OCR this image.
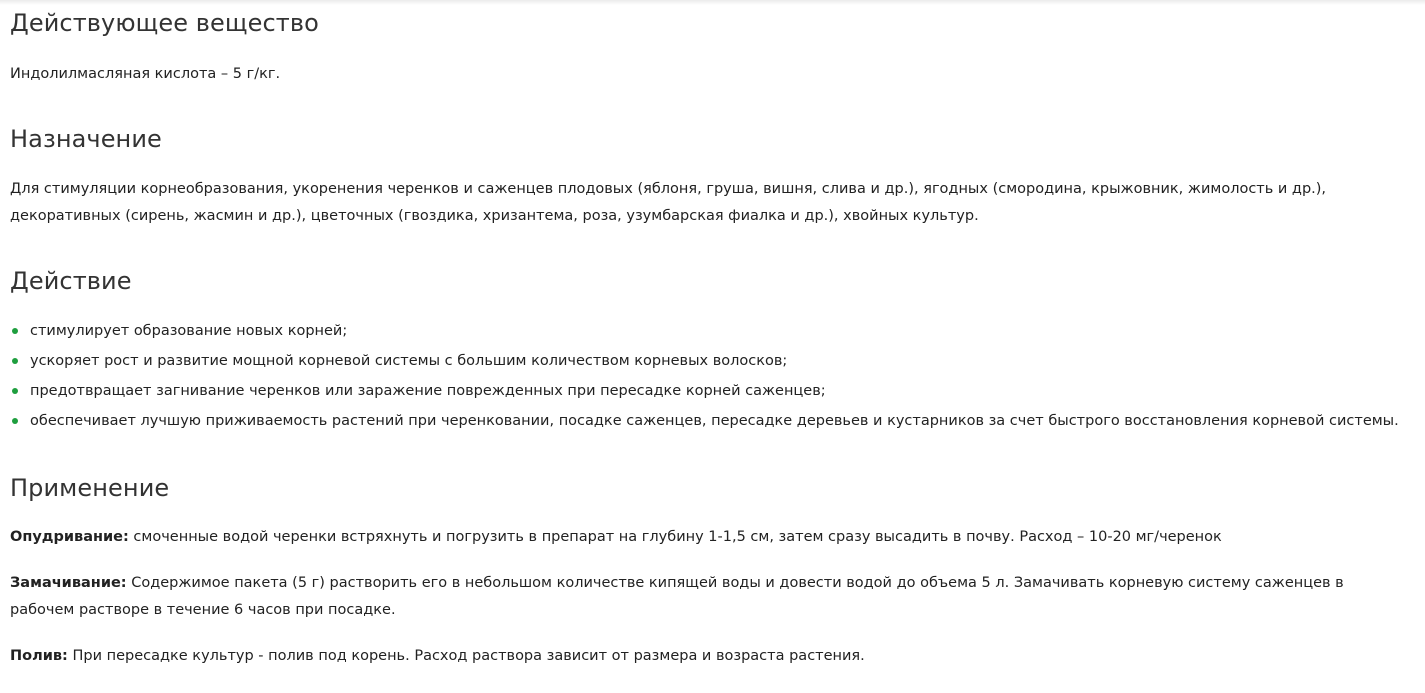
Действующее вещество

Индолилмасляная кислота – 5 г/кг.

Назначение

Для стимуляции корнеобразования, укоренения черенков и саженцев плодовых (яблоня, груша, вишня, слива и др.), ягодных (смородина, крыжовник, жимолость и др.),
декоративных (сирень, жасмин и др.), цветочных (гвоздика, хризантема, роза, узумбарская фиалка и др.), хвойных культур.

Действие
стимулирует образование новых корней;
ускоряет рост и развитие мощной корневой системы с большим количеством корневых волосков;
предотвращает загнивание черенков или заражение поврежденных при пересадке корней саженцев;
обеспечивает лучшую приживаемость растений при черенковании, посадке саженцев, пересадке деревьев и кустарников за счет быстрого восстановления корневой системы.
Применение

Опудривание: смоченные водой черенки встряхнуть и погрузить в препарат на глубину 1-1,5 см, затем сразу высадить в почву. Расход – 10-20 мг/черенок

Замачивание: Содержимое пакета (5 г) растворить его в небольшом количестве кипящей воды и довести водой до объема 5 л. Замачивать корневую систему саженцев в
рабочем растворе в течение 6 часов при посадке.

Полив: При пересадке культур - полив под корень. Расход раствора зависит от размера и возраста растения.
